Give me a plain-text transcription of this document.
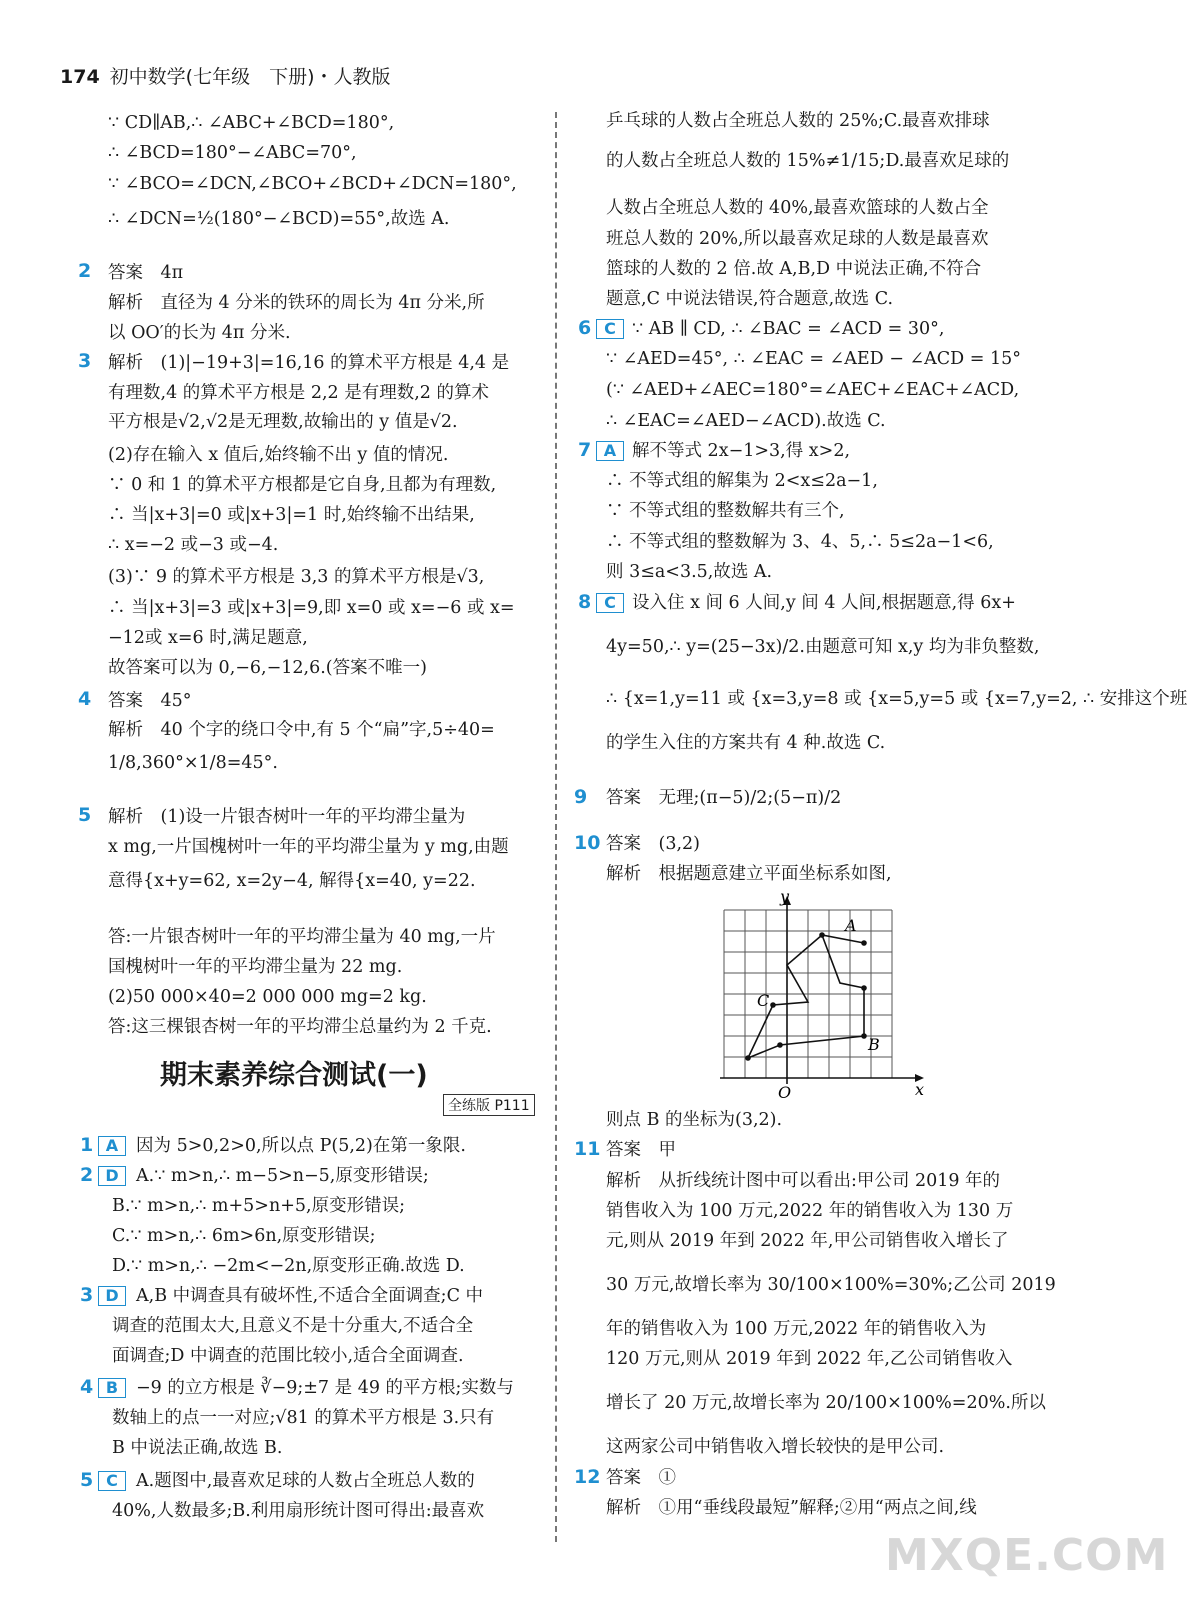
174 初中数学(七年级　下册)・人教版
∵ CD∥AB,∴ ∠ABC+∠BCD=180°,
∴ ∠BCD=180°−∠ABC=70°,
∵ ∠BCO=∠DCN,∠BCO+∠BCD+∠DCN=180°,
∴ ∠DCN=½(180°−∠BCD)=55°,故选 A.
答案　4π
解析　直径为 4 分米的铁环的周长为 4π 分米,所
以 OO′的长为 4π 分米.
解析　(1)|−19+3|=16,16 的算术平方根是 4,4 是
有理数,4 的算术平方根是 2,2 是有理数,2 的算术
平方根是√2,√2是无理数,故输出的 y 值是√2.
(2)存在输入 x 值后,始终输不出 y 值的情况.
∵ 0 和 1 的算术平方根都是它自身,且都为有理数,
∴ 当|x+3|=0 或|x+3|=1 时,始终输不出结果,
∴ x=−2 或−3 或−4.
(3)∵ 9 的算术平方根是 3,3 的算术平方根是√3,
∴ 当|x+3|=3 或|x+3|=9,即 x=0 或 x=−6 或 x=
−12或 x=6 时,满足题意,
故答案可以为 0,−6,−12,6.(答案不唯一)
答案　45°
解析　40 个字的绕口令中,有 5 个“扁”字,5÷40=
1/8,360°×1/8=45°.
解析　(1)设一片银杏树叶一年的平均滞尘量为
x mg,一片国槐树叶一年的平均滞尘量为 y mg,由题
意得{x+y=62, x=2y−4, 解得{x=40, y=22.
答:一片银杏树叶一年的平均滞尘量为 40 mg,一片
国槐树叶一年的平均滞尘量为 22 mg.
(2)50 000×40=2 000 000 mg=2 kg.
答:这三棵银杏树一年的平均滞尘总量约为 2 千克.
2
3
4
5
期末素养综合测试(一)
全练版 P111
1 A	因为 5>0,2>0,所以点 P(5,2)在第一象限.
2 D A.∵ m>n,∴ m−5>n−5,原变形错误;
B.∵ m>n,∴ m+5>n+5,原变形错误;
C.∵ m>n,∴ 6m>6n,原变形错误;
D.∵ m>n,∴ −2m<−2n,原变形正确.故选 D.
3 D A,B 中调查具有破坏性,不适合全面调查;C 中
调查的范围太大,且意义不是十分重大,不适合全
面调查;D 中调查的范围比较小,适合全面调查.
4 B	−9 的立方根是 ∛−9;±7 是 49 的平方根;实数与
数轴上的点一一对应;√81 的算术平方根是 3.只有
B 中说法正确,故选 B.
5 C	A.题图中,最喜欢足球的人数占全班总人数的
40%,人数最多;B.利用扇形统计图可得出:最喜欢
乒乓球的人数占全班总人数的 25%;C.最喜欢排球
的人数占全班总人数的 15%≠1/15;D.最喜欢足球的
人数占全班总人数的 40%,最喜欢篮球的人数占全
班总人数的 20%,所以最喜欢足球的人数是最喜欢
篮球的人数的 2 倍.故 A,B,D 中说法正确,不符合
题意,C 中说法错误,符合题意,故选 C.
6 C ∵ AB ∥ CD, ∴ ∠BAC = ∠ACD = 30°,
∵ ∠AED=45°, ∴ ∠EAC = ∠AED − ∠ACD = 15°
(∵ ∠AED+∠AEC=180°=∠AEC+∠EAC+∠ACD,
∴ ∠EAC=∠AED−∠ACD).故选 C.
7 A 解不等式 2x−1>3,得 x>2,
∴ 不等式组的解集为 2<x≤2a−1,
∵ 不等式组的整数解共有三个,
∴ 不等式组的整数解为 3、4、5,∴ 5≤2a−1<6,
则 3≤a<3.5,故选 A.
8 C 设入住 x 间 6 人间,y 间 4 人间,根据题意,得 6x+
4y=50,∴ y=(25−3x)/2.由题意可知 x,y 均为非负整数,
∴ {x=1,y=11 或 {x=3,y=8 或 {x=5,y=5 或 {x=7,y=2, ∴ 安排这个班
的学生入住的方案共有 4 种.故选 C.
9 答案　无理;(π−5)/2;(5−π)/2
10 答案　(3,2)
解析　根据题意建立平面坐标系如图,
则点 B 的坐标为(3,2).
11 答案　甲
解析　从折线统计图中可以看出:甲公司 2019 年的
销售收入为 100 万元,2022 年的销售收入为 130 万
元,则从 2019 年到 2022 年,甲公司销售收入增长了
30 万元,故增长率为 30/100×100%=30%;乙公司 2019
年的销售收入为 100 万元,2022 年的销售收入为
120 万元,则从 2019 年到 2022 年,乙公司销售收入
增长了 20 万元,故增长率为 20/100×100%=20%.所以
这两家公司中销售收入增长较快的是甲公司.
12 答案　①
解析　①用“垂线段最短”解释;②用“两点之间,线
y
x
O
A
B
C
MXQE.COM
